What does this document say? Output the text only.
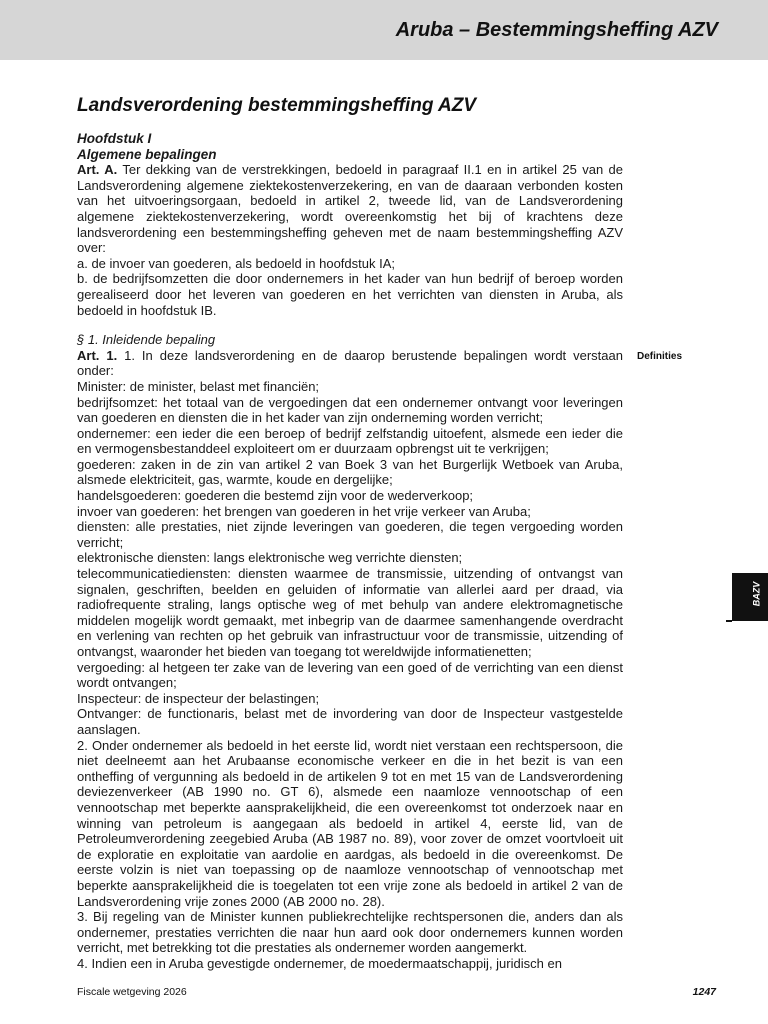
Aruba – Bestemmingsheffing AZV
Landsverordening bestemmingsheffing AZV
Hoofdstuk I
Algemene bepalingen

Art. A. Ter dekking van de verstrekkingen, bedoeld in paragraaf II.1 en in artikel 25 van de Landsverordening algemene ziektekostenverzekering, en van de daaraan verbonden kosten van het uitvoeringsorgaan, bedoeld in artikel 2, tweede lid, van de Landsverordening algemene ziektekostenverzekering, wordt overeenkomstig het bij of krachtens deze landsverordening een bestemmingsheffing geheven met de naam bestemmingsheffing AZV over:

a. de invoer van goederen, als bedoeld in hoofdstuk IA;

b. de bedrijfsomzetten die door ondernemers in het kader van hun bedrijf of beroep worden gerealiseerd door het leveren van goederen en het verrichten van diensten in Aruba, als bedoeld in hoofdstuk IB.

§ 1. Inleidende bepaling

Art. 1. 1. In deze landsverordening en de daarop berustende bepalingen wordt verstaan onder:

Minister: de minister, belast met financiën;

bedrijfsomzet: het totaal van de vergoedingen dat een ondernemer ontvangt voor leveringen van goederen en diensten die in het kader van zijn onderneming worden verricht;

ondernemer: een ieder die een beroep of bedrijf zelfstandig uitoefent, alsmede een ieder die en vermogensbestanddeel exploiteert om er duurzaam opbrengst uit te verkrijgen;

goederen: zaken in de zin van artikel 2 van Boek 3 van het Burgerlijk Wetboek van Aruba, alsmede elektriciteit, gas, warmte, koude en dergelijke;

handelsgoederen: goederen die bestemd zijn voor de wederverkoop;

invoer van goederen: het brengen van goederen in het vrije verkeer van Aruba;

diensten: alle prestaties, niet zijnde leveringen van goederen, die tegen vergoeding worden verricht;

elektronische diensten: langs elektronische weg verrichte diensten;

telecommunicatiediensten: diensten waarmee de transmissie, uitzending of ontvangst van signalen, geschriften, beelden en geluiden of informatie van allerlei aard per draad, via radiofrequente straling, langs optische weg of met behulp van andere elektromagnetische middelen mogelijk wordt gemaakt, met inbegrip van de daarmee samenhangende overdracht en verlening van rechten op het gebruik van infrastructuur voor de transmissie, uitzending of ontvangst, waaronder het bieden van toegang tot wereldwijde informatienetten;

vergoeding: al hetgeen ter zake van de levering van een goed of de verrichting van een dienst wordt ontvangen;

Inspecteur: de inspecteur der belastingen;

Ontvanger: de functionaris, belast met de invordering van door de Inspecteur vastgestelde aanslagen.

2. Onder ondernemer als bedoeld in het eerste lid, wordt niet verstaan een rechtspersoon, die niet deelneemt aan het Arubaanse economische verkeer en die in het bezit is van een ontheffing of vergunning als bedoeld in de artikelen 9 tot en met 15 van de Landsverordening deviezenverkeer (AB 1990 no. GT 6), alsmede een naamloze vennootschap of een vennootschap met beperkte aansprakelijkheid, die een overeenkomst tot onderzoek naar en winning van petroleum is aangegaan als bedoeld in artikel 4, eerste lid, van de Petroleumverordening zeegebied Aruba (AB 1987 no. 89), voor zover de omzet voortvloeit uit de exploratie en exploitatie van aardolie en aardgas, als bedoeld in die overeenkomst. De eerste volzin is niet van toepassing op de naamloze vennootschap of vennootschap met beperkte aansprakelijkheid die is toegelaten tot een vrije zone als bedoeld in artikel 2 van de Landsverordening vrije zones 2000 (AB 2000 no. 28).

3. Bij regeling van de Minister kunnen publiekrechtelijke rechtspersonen die, anders dan als ondernemer, prestaties verrichten die naar hun aard ook door ondernemers kunnen worden verricht, met betrekking tot die prestaties als ondernemer worden aangemerkt.

4. Indien een in Aruba gevestigde ondernemer, de moedermaatschappij, juridisch en

Definities
BAZV
Fiscale wetgeving 2026	1247
